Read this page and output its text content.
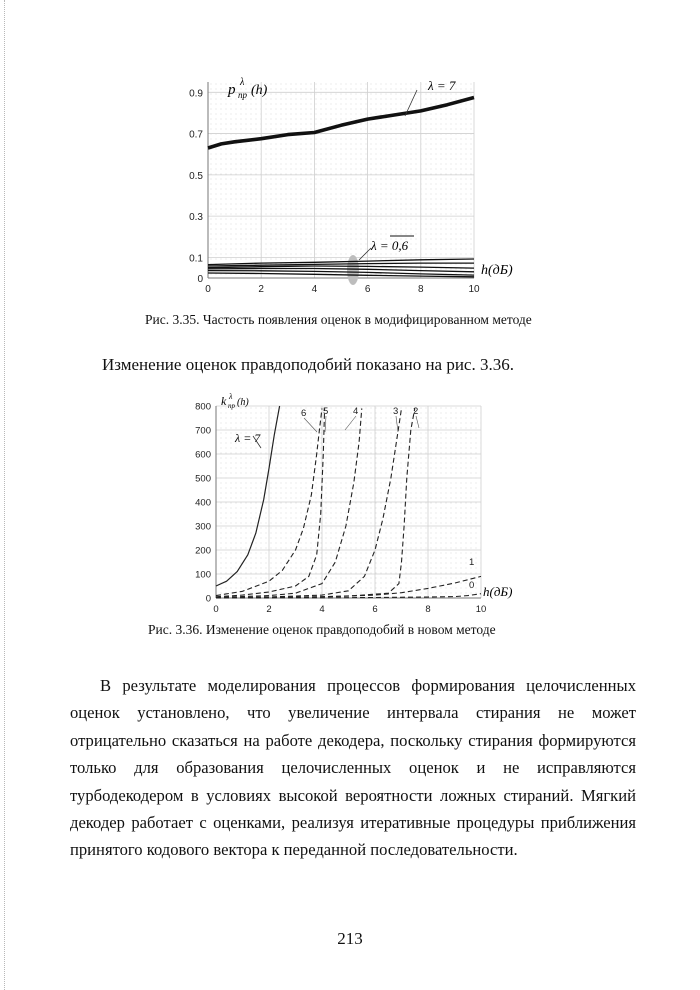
0	2	4	6	8	10
0.9
0.7
0.5
0.3
0.1
0
p λ
пр (h)	λ = 7
λ = 0,6
h(дБ)
Рис. 3.35. Частость появления оценок в модифицированном методе
Изменение оценок правдоподобий показано на рис. 3.36.
0	2	4	6	8	10
800
700
600
500
400
300
200
100
0
k λ
пр (h)
λ = 7
6 5	4	3 2
1
0 h(дБ)
Рис. 3.36. Изменение оценок правдоподобий в новом методе
В результате моделирования процессов формирования целочисленных оценок установлено, что увеличение интервала стирания не может отрицательно сказаться на работе декодера, поскольку стирания формируются только для образования целочисленных оценок и не исправляются турбодекодером в условиях высокой вероятности ложных стираний. Мягкий декодер работает с оценками, реализуя итеративные процедуры приближения принятого кодового вектора к переданной последовательности.
213
